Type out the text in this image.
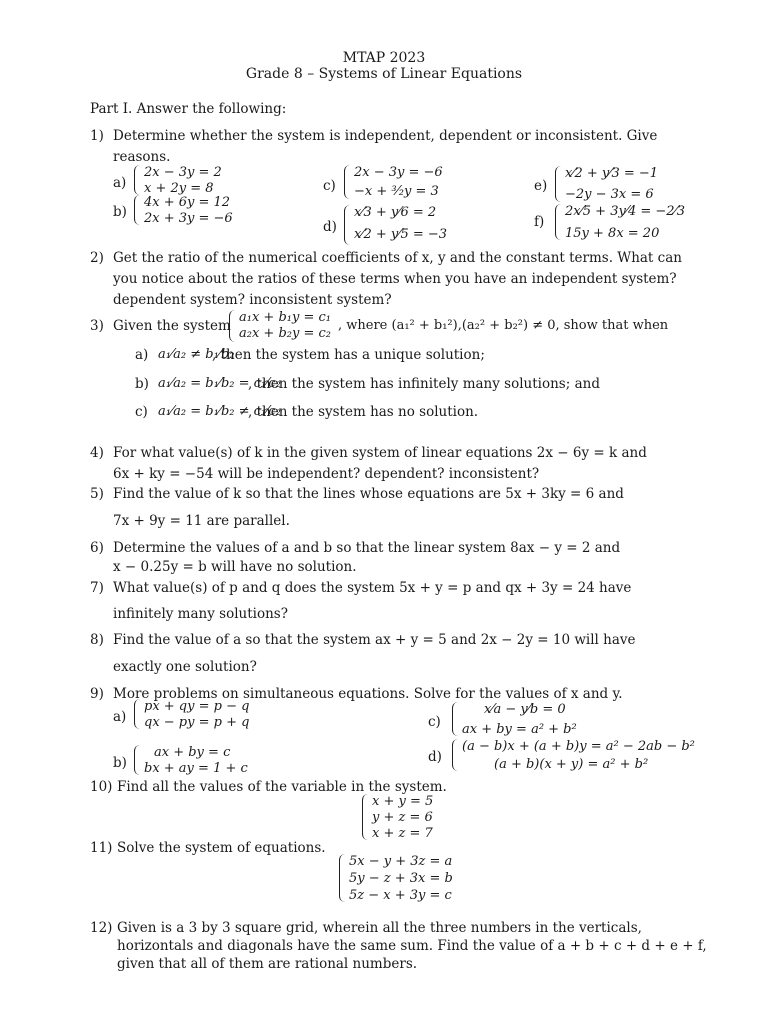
MTAP 2023
Grade 8 – Systems of Linear Equations
Part I. Answer the following:
1) Determine whether the system is independent, dependent or inconsistent. Give
reasons.
a)
2x − 3y = 2
x + 2y = 8
b)
4x + 6y = 12
2x + 3y = −6
c)
2x − 3y = −6
−x + ³⁄₂y = 3
d)
x⁄3 + y⁄6 = 2
x⁄2 + y⁄5 = −3
e)
x⁄2 + y⁄3 = −1
−2y − 3x = 6
f)
2x⁄5 + 3y⁄4 = −2⁄3
15y + 8x = 20
2) Get the ratio of the numerical coefficients of x, y and the constant terms. What can
you notice about the ratios of these terms when you have an independent system?
dependent system? inconsistent system?
3) Given the system
a₁x + b₁y = c₁
a₂x + b₂y = c₂
, where (a₁² + b₁²),(a₂² + b₂²) ≠ 0, show that when
a) a₁⁄a₂ ≠ b₁⁄b₂
, then the system has a unique solution;
b) a₁⁄a₂ = b₁⁄b₂ = c₁⁄c₂
, then the system has infinitely many solutions; and
c) a₁⁄a₂ = b₁⁄b₂ ≠ c₁⁄c₂
, then the system has no solution.
4) For what value(s) of k in the given system of linear equations 2x − 6y = k and
6x + ky = −54 will be independent? dependent? inconsistent?
5) Find the value of k so that the lines whose equations are 5x + 3ky = 6 and
7x + 9y = 11 are parallel.
6) Determine the values of a and b so that the linear system 8ax − y = 2 and
x − 0.25y = b will have no solution.
7) What value(s) of p and q does the system 5x + y = p and qx + 3y = 24 have
infinitely many solutions?
8) Find the value of a so that the system ax + y = 5 and 2x − 2y = 10 will have
exactly one solution?
9) More problems on simultaneous equations. Solve for the values of x and y.
a)
px + qy = p − q
qx − py = p + q
b)
ax + by = c
bx + ay = 1 + c
c)
x⁄a − y⁄b = 0
ax + by = a² + b²
d)
(a − b)x + (a + b)y = a² − 2ab − b²
(a + b)(x + y) = a² + b²
10) Find all the values of the variable in the system.
x + y = 5
y + z = 6
x + z = 7
11) Solve the system of equations.
5x − y + 3z = a
5y − z + 3x = b
5z − x + 3y = c
12) Given is a 3 by 3 square grid, wherein all the three numbers in the verticals,
horizontals and diagonals have the same sum. Find the value of a + b + c + d + e + f,
given that all of them are rational numbers.
